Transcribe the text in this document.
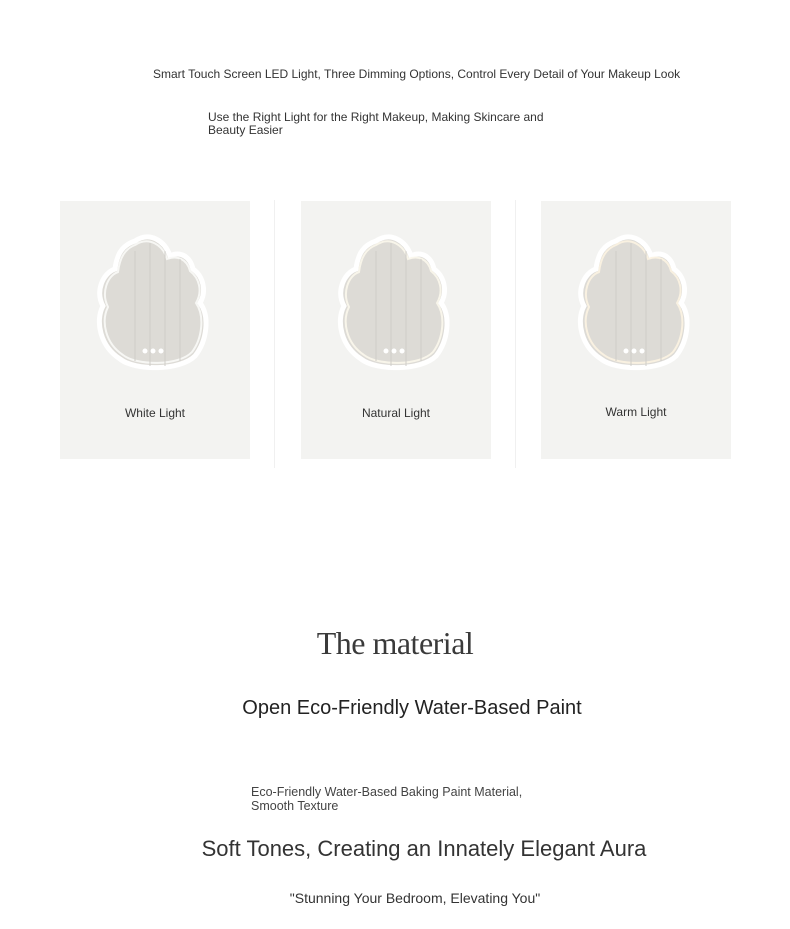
Smart Touch Screen LED Light, Three Dimming Options, Control Every Detail of Your Makeup Look
Use the Right Light for the Right Makeup, Making Skincare and Beauty Easier
White Light	Natural Light	Warm Light
The material
Open Eco-Friendly Water-Based Paint
Eco-Friendly Water-Based Baking Paint Material, Smooth Texture
Soft Tones, Creating an Innately Elegant Aura
"Stunning Your Bedroom, Elevating You"
